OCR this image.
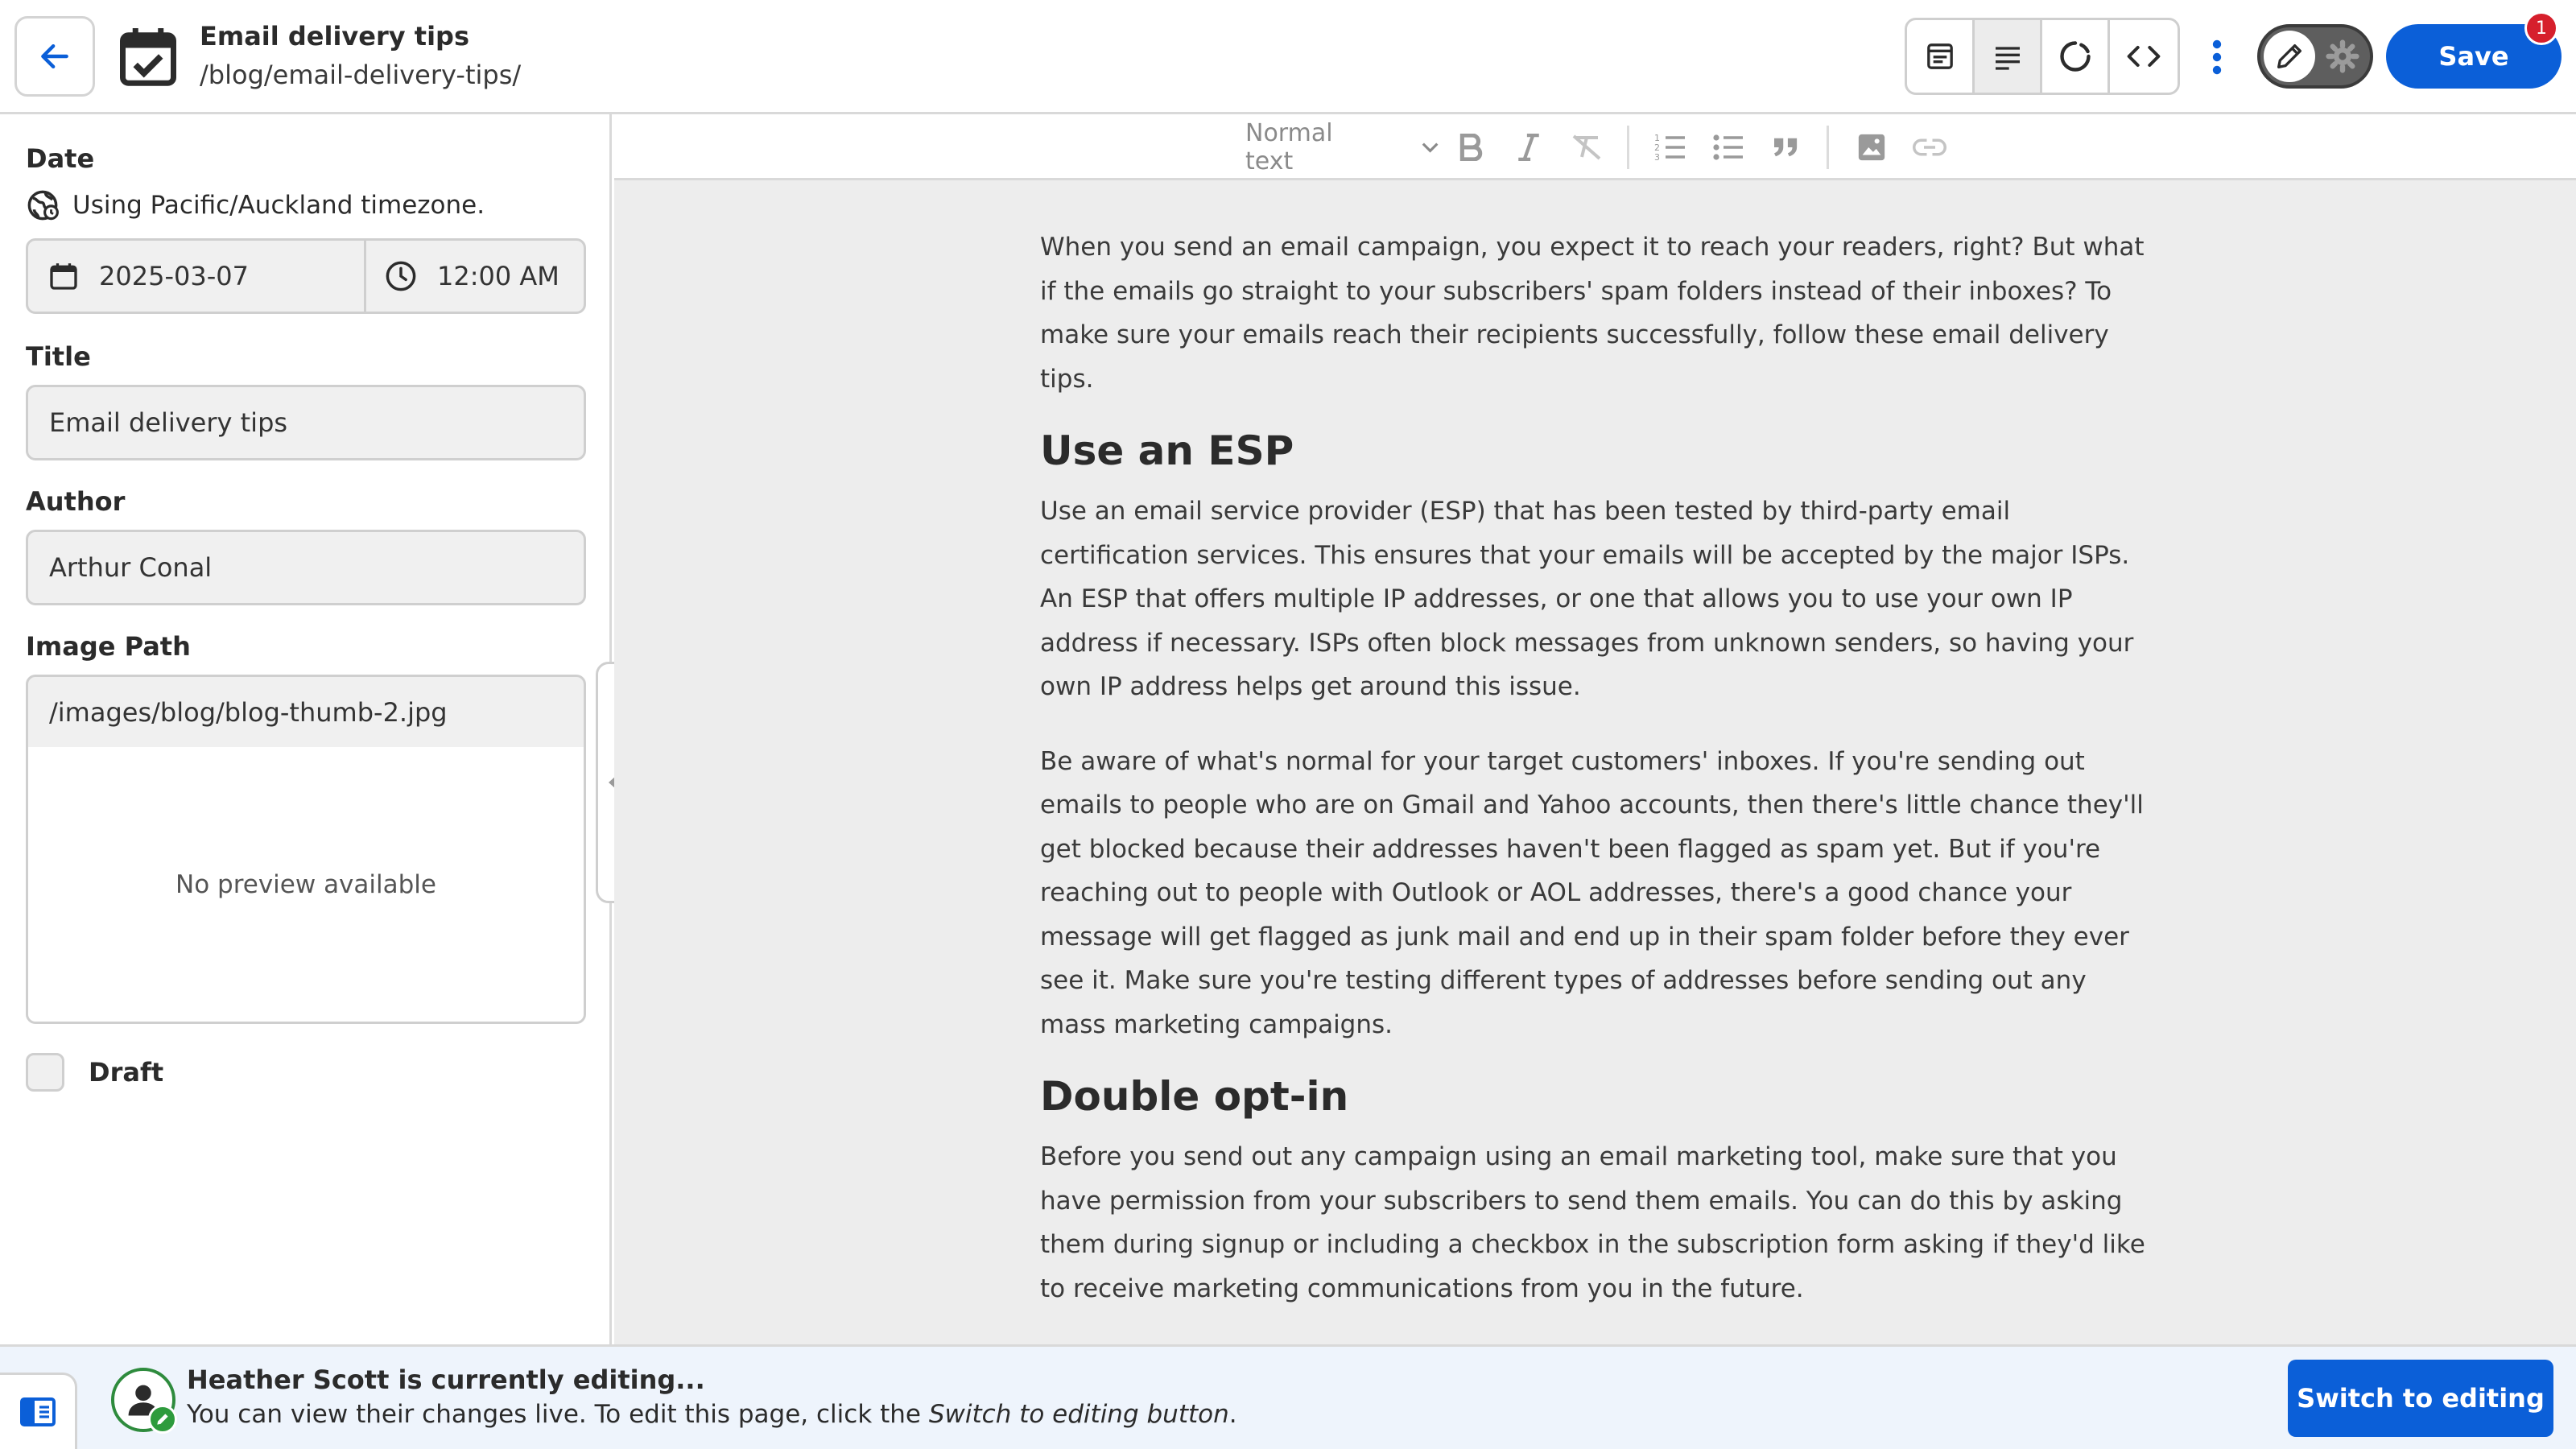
Email delivery tips
/blog/email-delivery-tips/
Save
1
Date
Using Pacific/Auckland timezone.
2025-03-07	12:00 AM
Title
Email delivery tips
Author
Arthur Conal
Image Path
/images/blog/blog-thumb-2.jpg
No preview available
Draft
Normal text
1
2
3

When you send an email campaign, you expect it to reach your readers, right? But what if the emails go straight to your subscribers' spam folders instead of their inboxes? To make sure your emails reach their recipients successfully, follow these email delivery tips.

Use an ESP

Use an email service provider (ESP) that has been tested by third-party email certification services. This ensures that your emails will be accepted by the major ISPs. An ESP that offers multiple IP addresses, or one that allows you to use your own IP address if necessary. ISPs often block messages from unknown senders, so having your own IP address helps get around this issue.

Be aware of what's normal for your target customers' inboxes. If you're sending out emails to people who are on Gmail and Yahoo accounts, then there's little chance they'll get blocked because their addresses haven't been flagged as spam yet. But if you're reaching out to people with Outlook or AOL addresses, there's a good chance your message will get flagged as junk mail and end up in their spam folder before they ever see it. Make sure you're testing different types of addresses before sending out any mass marketing campaigns.

Double opt-in

Before you send out any campaign using an email marketing tool, make sure that you have permission from your subscribers to send them emails. You can do this by asking them during signup or including a checkbox in the subscription form asking if they'd like to receive marketing communications from you in the future.

Heather Scott is currently editing...
You can view their changes live. To edit this page, click the Switch to editing button.
Switch to editing
